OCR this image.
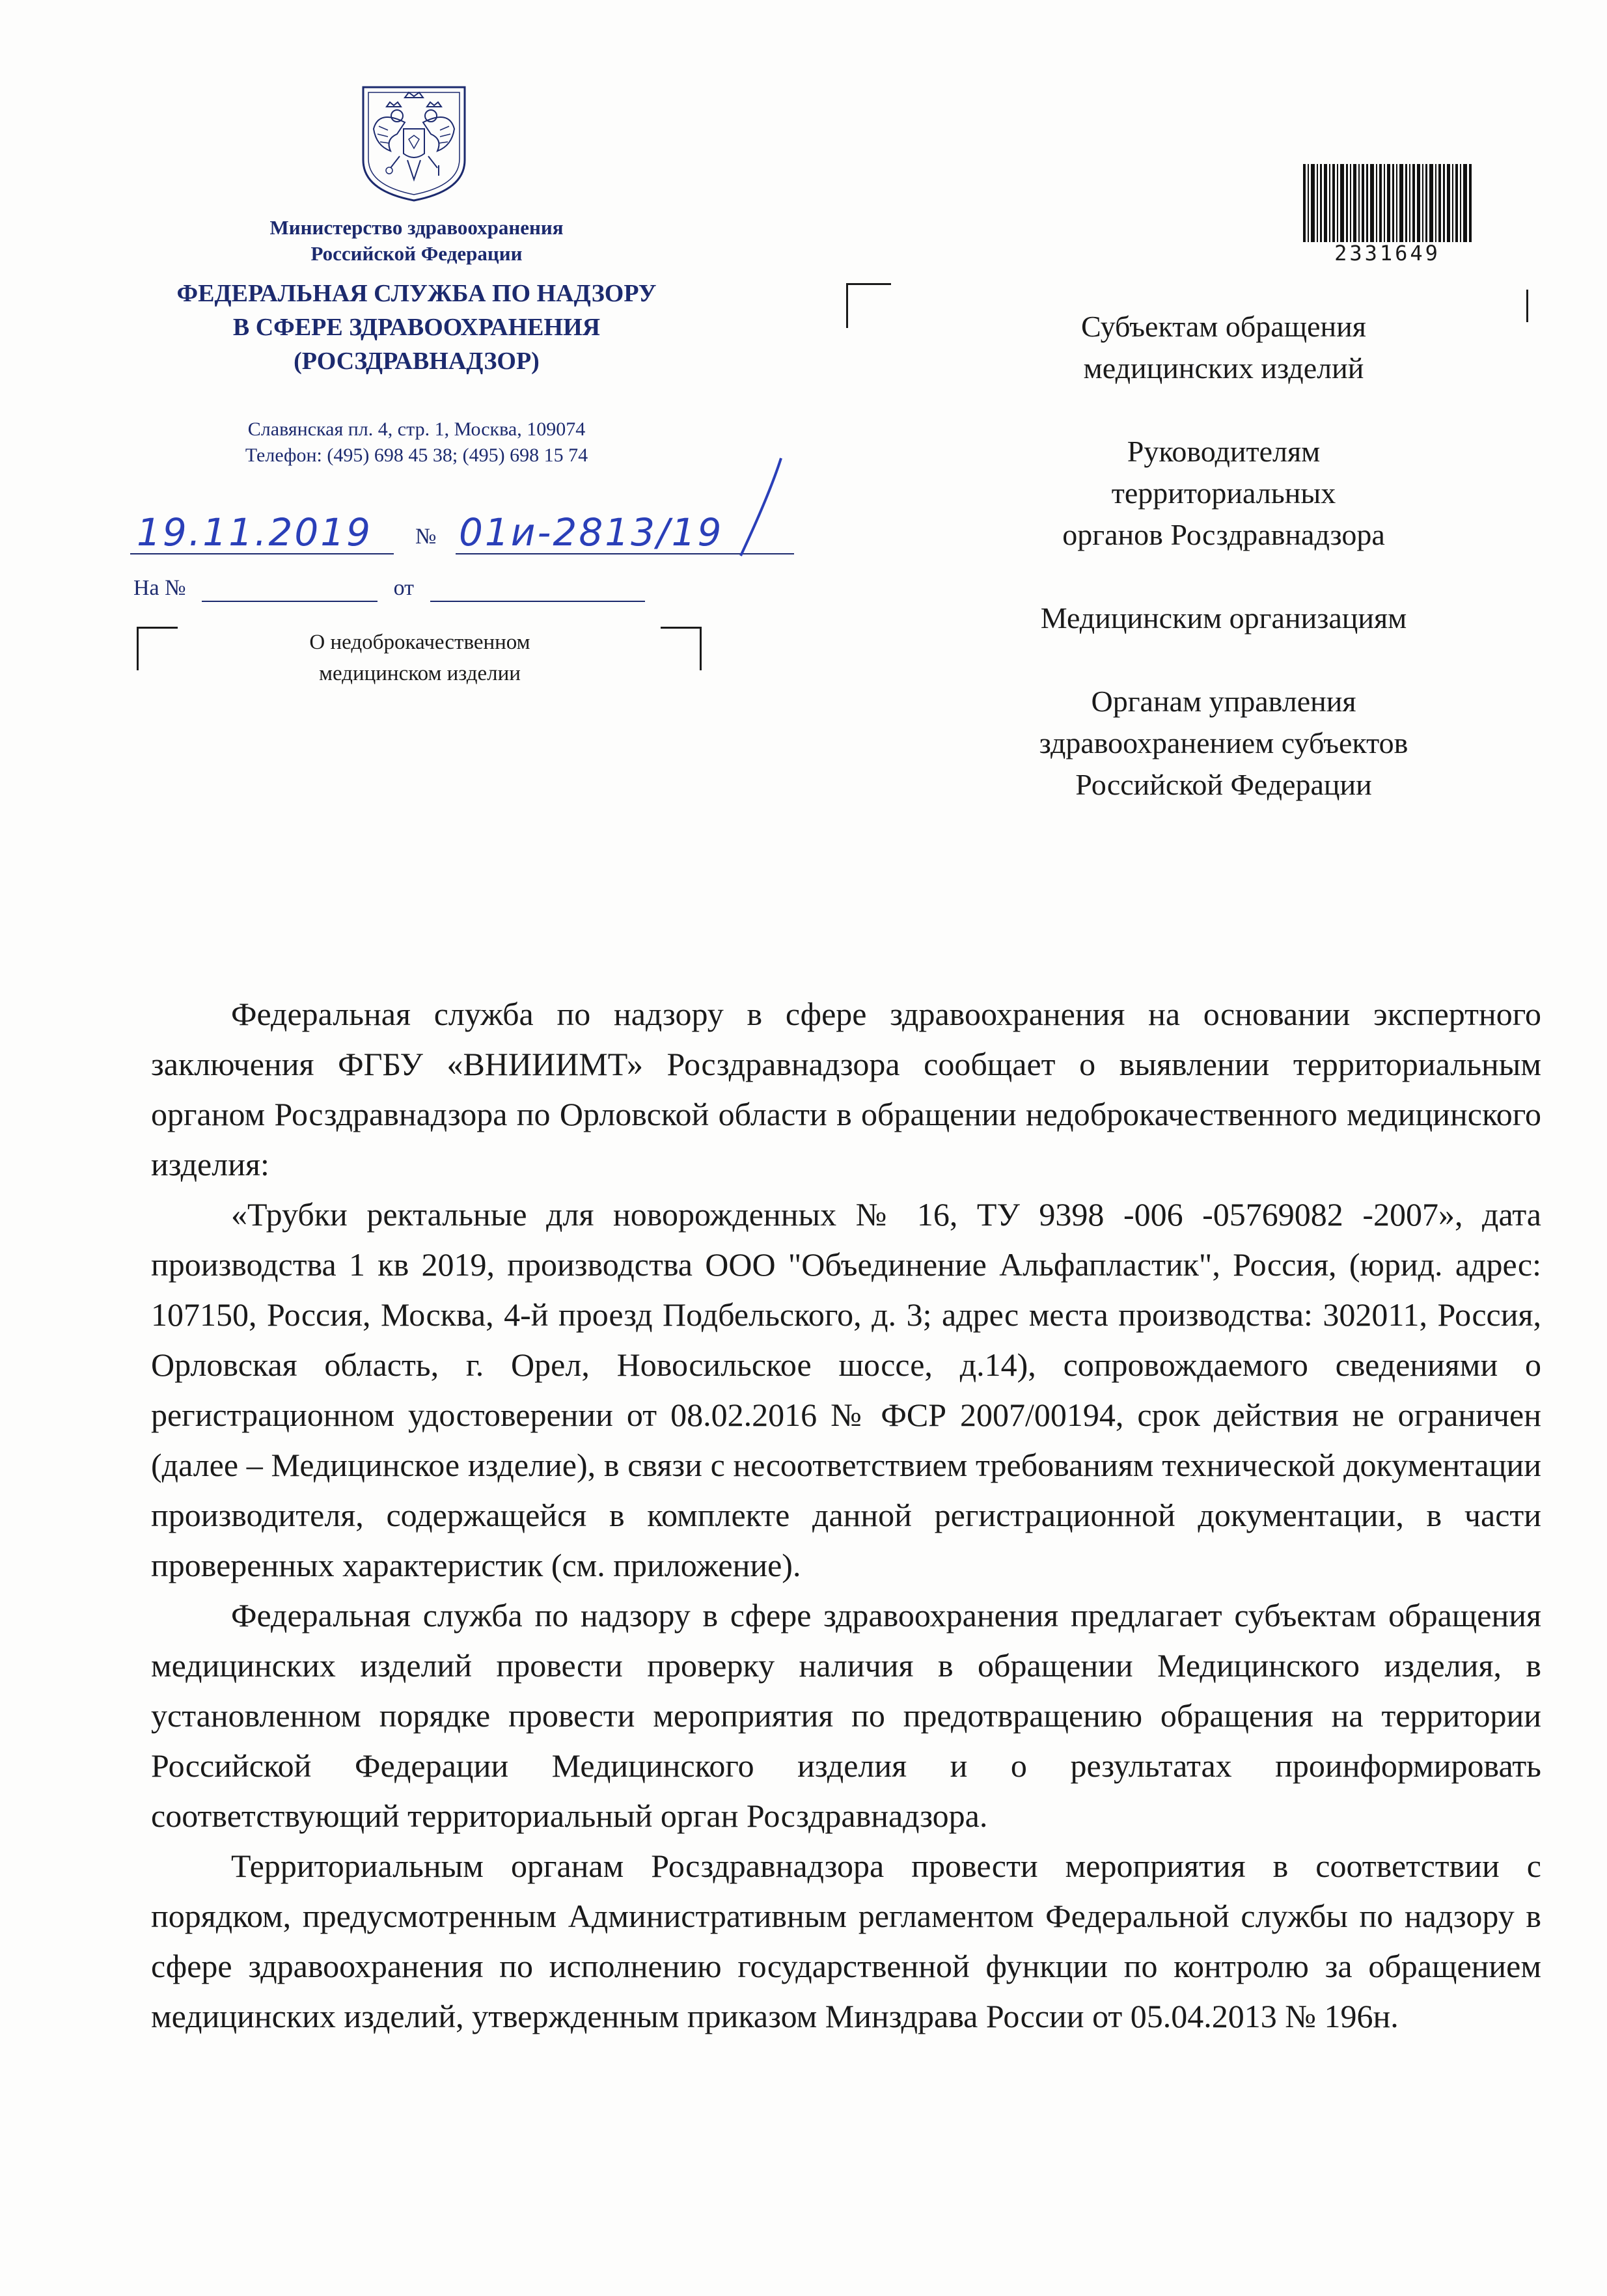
Министерство здравоохранения
Российской Федерации
ФЕДЕРАЛЬНАЯ СЛУЖБА ПО НАДЗОРУ
В СФЕРЕ ЗДРАВООХРАНЕНИЯ
(РОСЗДРАВНАДЗОР)
Славянская пл. 4, стр. 1, Москва, 109074
Телефон: (495) 698 45 38; (495) 698 15 74
19.11.2019 № 01и-2813/19
На №	от
О недоброкачественном
медицинском изделии
2331649
Субъектам обращения
медицинских изделий
Руководителям
территориальных
органов Росздравнадзора
Медицинским организациям
Органам управления
здравоохранением субъектов
Российской Федерации

Федеральная служба по надзору в сфере здравоохранения на основании экспертного заключения ФГБУ «ВНИИИМТ» Росздравнадзора сообщает о выявлении территориальным органом Росздравнадзора по Орловской области в обращении недоброкачественного медицинского изделия:

«Трубки ректальные для новорожденных № 16, ТУ 9398 -006 -05769082 -2007», дата производства 1 кв 2019, производства ООО "Объединение Альфапластик", Россия, (юрид. адрес: 107150, Россия, Москва, 4-й проезд Подбельского, д. 3; адрес места производства: 302011, Россия, Орловская область, г. Орел, Новосильское шоссе, д.14), сопровождаемого сведениями о регистрационном удостоверении от 08.02.2016 № ФСР 2007/00194, срок действия не ограничен (далее – Медицинское изделие), в связи с несоответствием требованиям технической документации производителя, содержащейся в комплекте данной регистрационной документации, в части проверенных характеристик (см. приложение).

Федеральная служба по надзору в сфере здравоохранения предлагает субъектам обращения медицинских изделий провести проверку наличия в обращении Медицинского изделия, в установленном порядке провести мероприятия по предотвращению обращения на территории Российской Федерации Медицинского изделия и о результатах проинформировать соответствующий территориальный орган Росздравнадзора.

Территориальным органам Росздравнадзора провести мероприятия в соответствии с порядком, предусмотренным Административным регламентом Федеральной службы по надзору в сфере здравоохранения по исполнению государственной функции по контролю за обращением медицинских изделий, утвержденным приказом Минздрава России от 05.04.2013 № 196н.
